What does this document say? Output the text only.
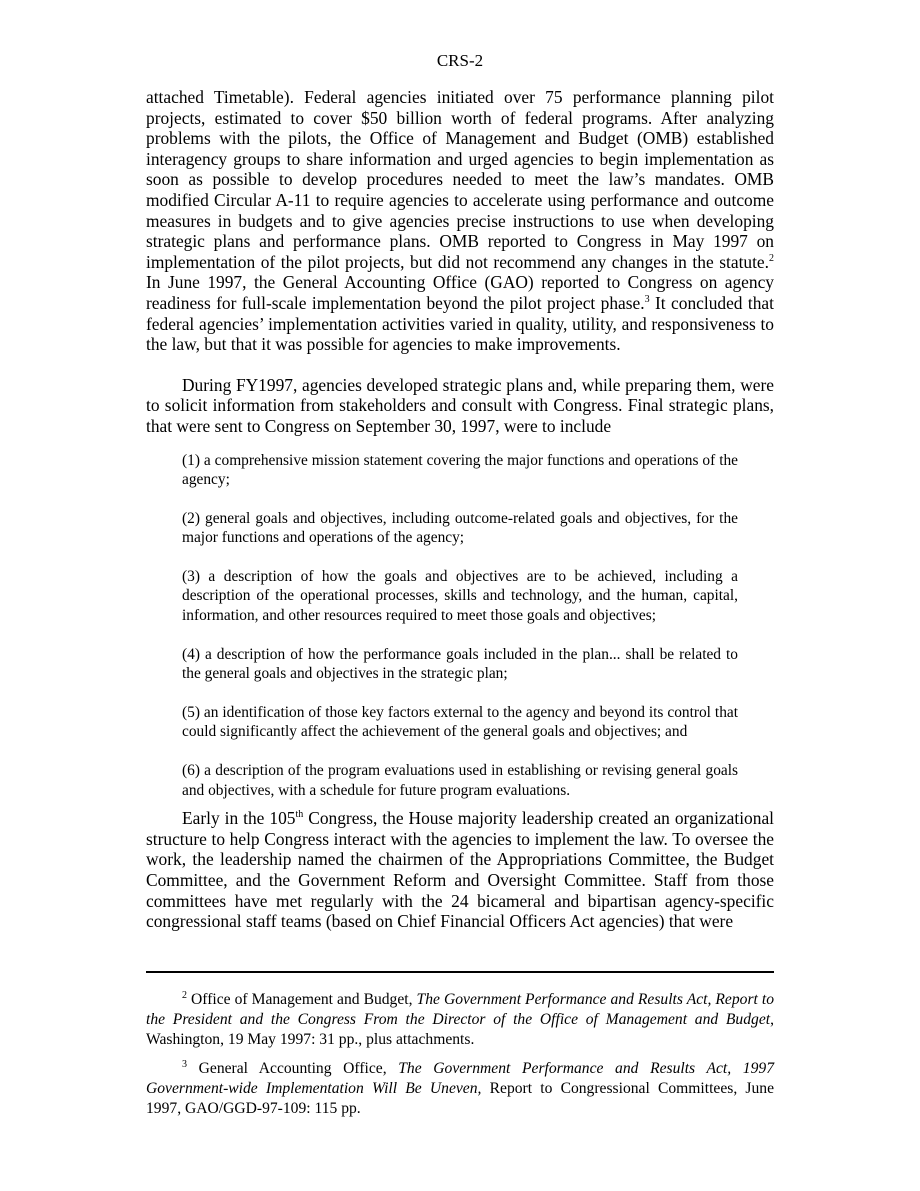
CRS-2

attached Timetable). Federal agencies initiated over 75 performance planning pilot projects, estimated to cover $50 billion worth of federal programs. After analyzing problems with the pilots, the Office of Management and Budget (OMB) established interagency groups to share information and urged agencies to begin implementation as soon as possible to develop procedures needed to meet the law’s mandates. OMB modified Circular A-11 to require agencies to accelerate using performance and outcome measures in budgets and to give agencies precise instructions to use when developing strategic plans and performance plans. OMB reported to Congress in May 1997 on implementation of the pilot projects, but did not recommend any changes in the statute.$^2$ In June 1997, the General Accounting Office (GAO) reported to Congress on agency readiness for full-scale implementation beyond the pilot project phase.$^3$ It concluded that federal agencies’ implementation activities varied in quality, utility, and responsiveness to the law, but that it was possible for agencies to make improvements.

During FY1997, agencies developed strategic plans and, while preparing them, were to solicit information from stakeholders and consult with Congress. Final strategic plans, that were sent to Congress on September 30, 1997, were to include

(1) a comprehensive mission statement covering the major functions and operations of the agency;

(2) general goals and objectives, including outcome-related goals and objectives, for the major functions and operations of the agency;

(3) a description of how the goals and objectives are to be achieved, including a description of the operational processes, skills and technology, and the human, capital, information, and other resources required to meet those goals and objectives;

(4) a description of how the performance goals included in the plan... shall be related to the general goals and objectives in the strategic plan;

(5) an identification of those key factors external to the agency and beyond its control that could significantly affect the achievement of the general goals and objectives; and

(6) a description of the program evaluations used in establishing or revising general goals and objectives, with a schedule for future program evaluations.

Early in the 105th Congress, the House majority leadership created an organizational structure to help Congress interact with the agencies to implement the law. To oversee the work, the leadership named the chairmen of the Appropriations Committee, the Budget Committee, and the Government Reform and Oversight Committee. Staff from those committees have met regularly with the 24 bicameral and bipartisan agency-specific congressional staff teams (based on Chief Financial Officers Act agencies) that were

$^2$ Office of Management and Budget, The Government Performance and Results Act, Report to the President and the Congress From the Director of the Office of Management and Budget, Washington, 19 May 1997: 31 pp., plus attachments.

$^3$ General Accounting Office, The Government Performance and Results Act, 1997 Government-wide Implementation Will Be Uneven, Report to Congressional Committees, June 1997, GAO/GGD-97-109: 115 pp.
